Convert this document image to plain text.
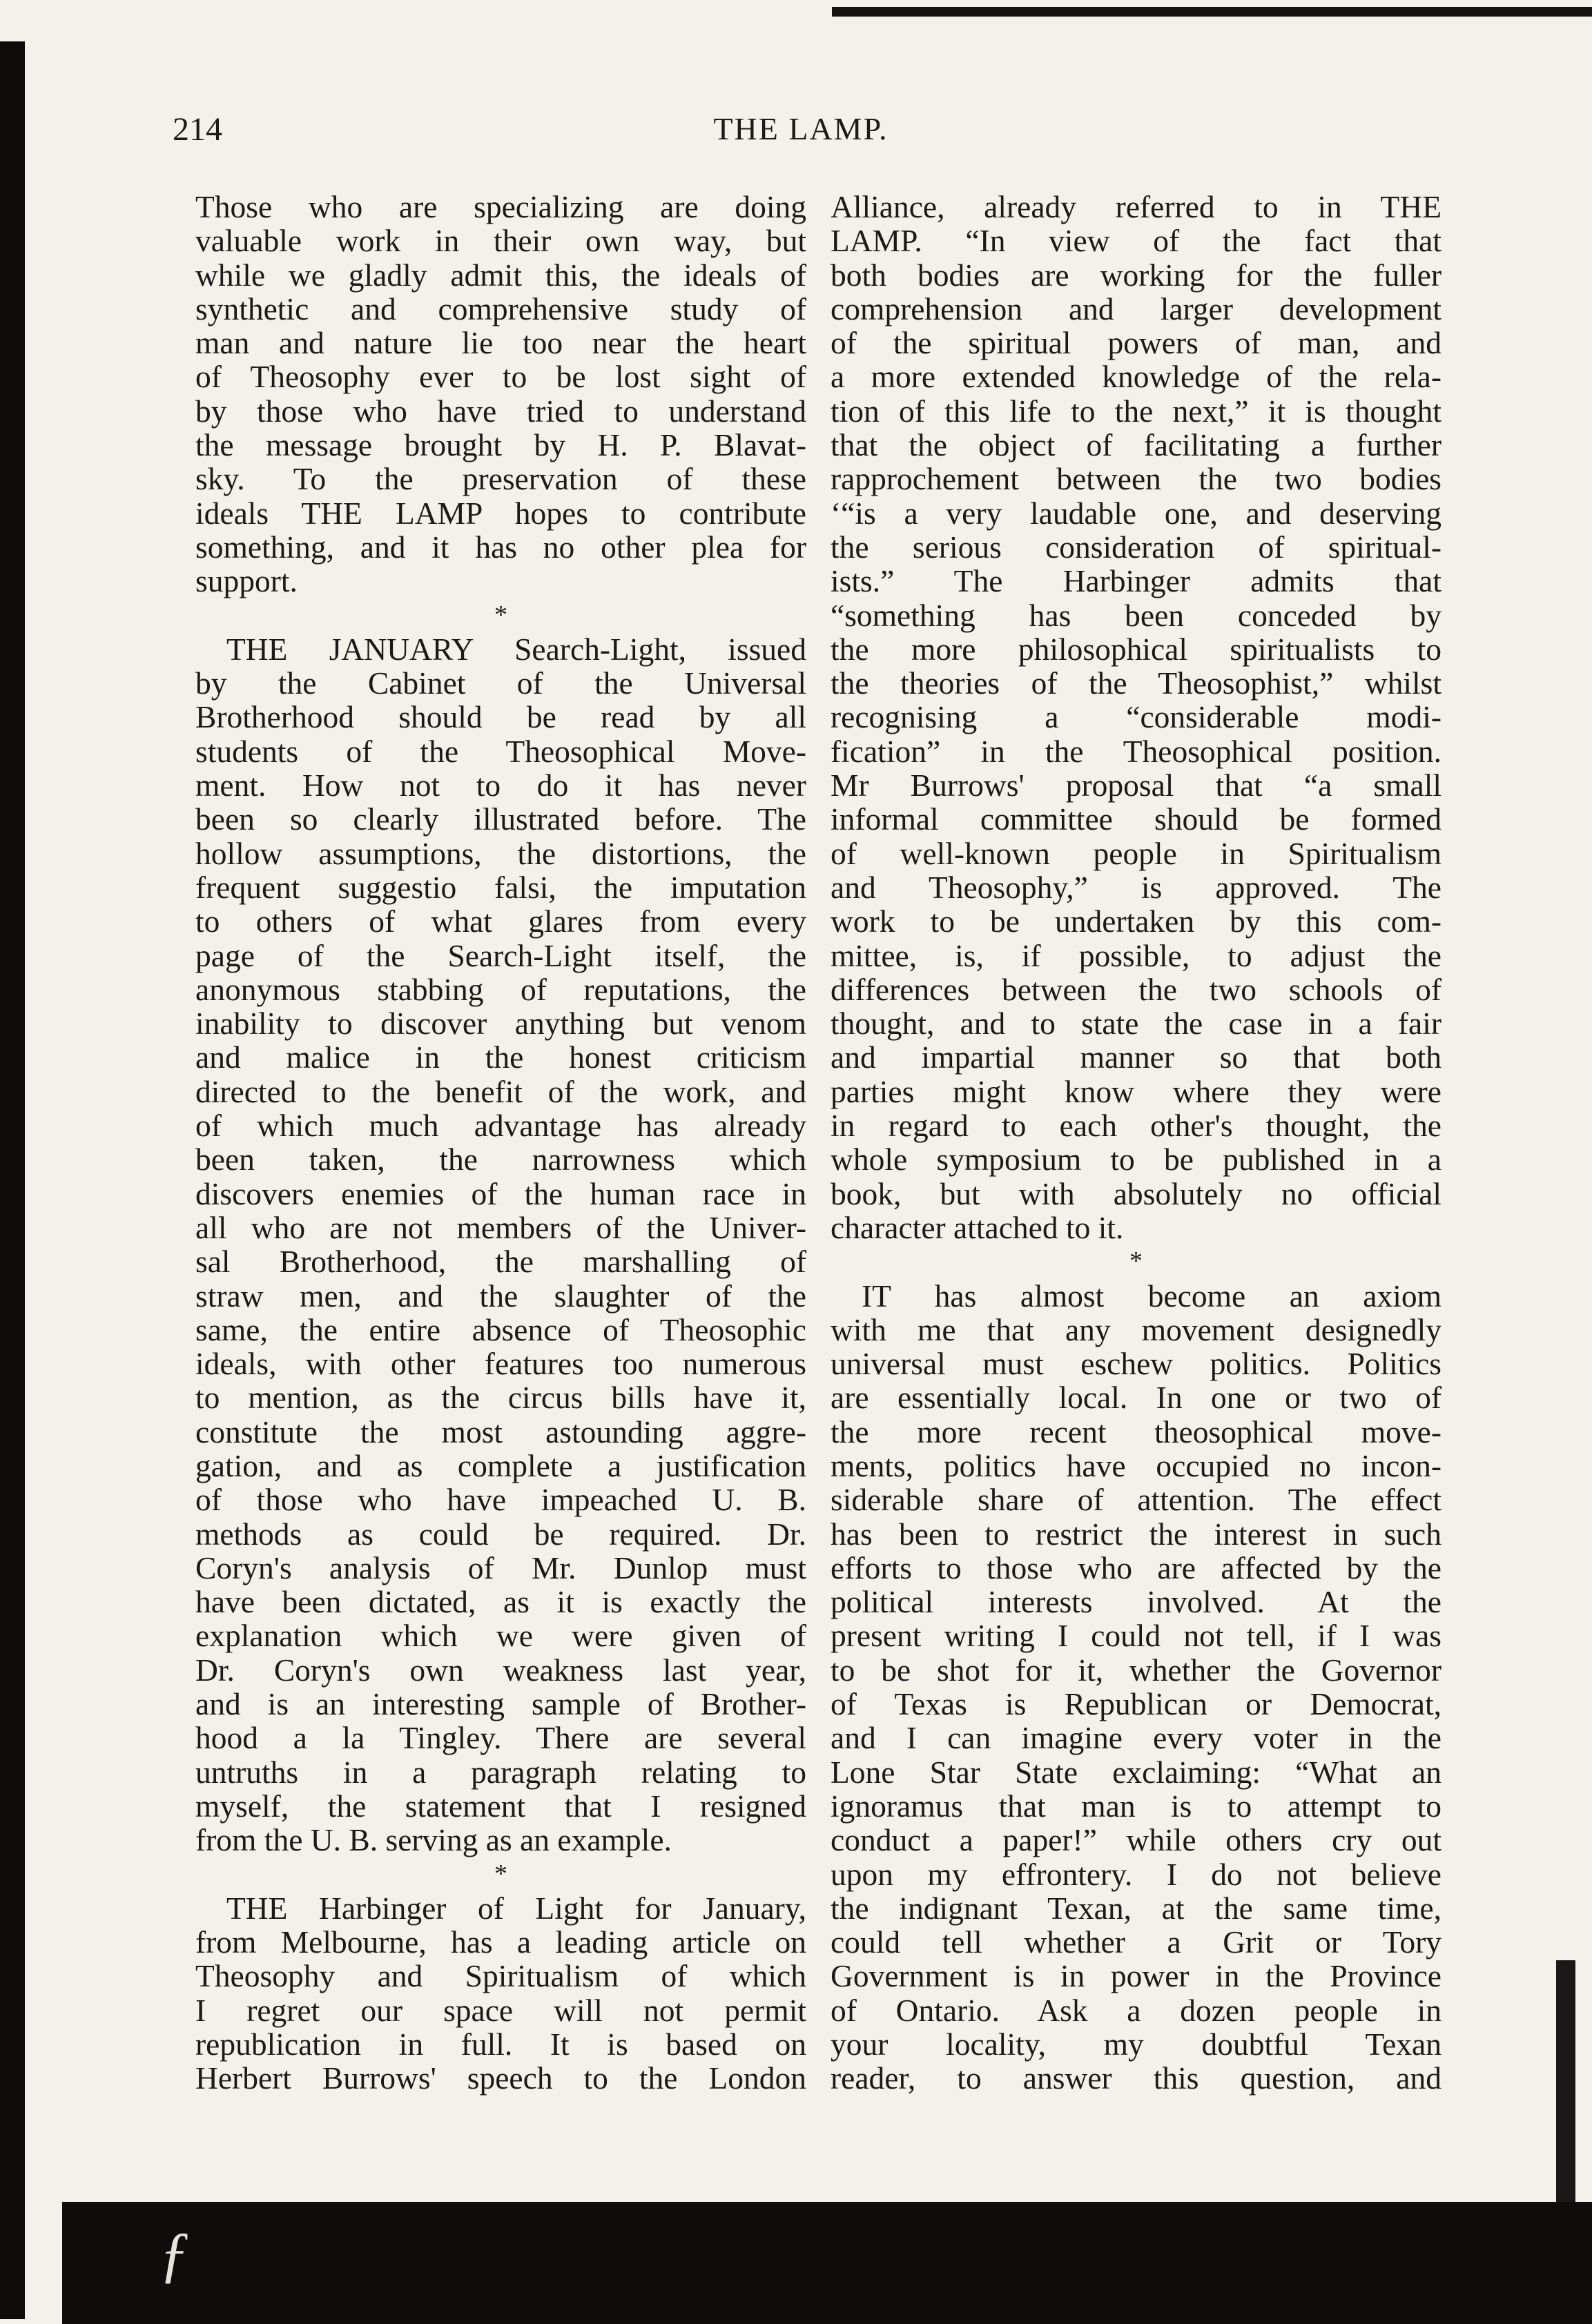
ƒ
214	THE LAMP.
Those who are specializing are doing
valuable work in their own way, but
while we gladly admit this, the ideals of
synthetic and comprehensive study of
man and nature lie too near the heart
of Theosophy ever to be lost sight of
by those who have tried to understand
the message brought by H. P. Blavat-
sky. To the preservation of these
ideals THE LAMP hopes to contribute
something, and it has no other plea for
support.
*
THE JANUARY Search-Light, issued
by the Cabinet of the Universal
Brotherhood should be read by all
students of the Theosophical Move-
ment. How not to do it has never
been so clearly illustrated before. The
hollow assumptions, the distortions, the
frequent suggestio falsi, the imputation
to others of what glares from every
page of the Search-Light itself, the
anonymous stabbing of reputations, the
inability to discover anything but venom
and malice in the honest criticism
directed to the benefit of the work, and
of which much advantage has already
been taken, the narrowness which
discovers enemies of the human race in
all who are not members of the Univer-
sal Brotherhood, the marshalling of
straw men, and the slaughter of the
same, the entire absence of Theosophic
ideals, with other features too numerous
to mention, as the circus bills have it,
constitute the most astounding aggre-
gation, and as complete a justification
of those who have impeached U. B.
methods as could be required. Dr.
Coryn's analysis of Mr. Dunlop must
have been dictated, as it is exactly the
explanation which we were given of
Dr. Coryn's own weakness last year,
and is an interesting sample of Brother-
hood a la Tingley. There are several
untruths in a paragraph relating to
myself, the statement that I resigned
from the U. B. serving as an example.
*
THE Harbinger of Light for January,
from Melbourne, has a leading article on
Theosophy and Spiritualism of which
I regret our space will not permit
republication in full. It is based on
Herbert Burrows' speech to the London
Alliance, already referred to in THE
LAMP. “In view of the fact that
both bodies are working for the fuller
comprehension and larger development
of the spiritual powers of man, and
a more extended knowledge of the rela-
tion of this life to the next,” it is thought
that the object of facilitating a further
rapprochement between the two bodies
‘“is a very laudable one, and deserving
the serious consideration of spiritual-
ists.” The Harbinger admits that
“something has been conceded by
the more philosophical spiritualists to
the theories of the Theosophist,” whilst
recognising a “considerable modi-
fication” in the Theosophical position.
Mr Burrows' proposal that “a small
informal committee should be formed
of well-known people in Spiritualism
and Theosophy,” is approved. The
work to be undertaken by this com-
mittee, is, if possible, to adjust the
differences between the two schools of
thought, and to state the case in a fair
and impartial manner so that both
parties might know where they were
in regard to each other's thought, the
whole symposium to be published in a
book, but with absolutely no official
character attached to it.
*
IT has almost become an axiom
with me that any movement designedly
universal must eschew politics. Politics
are essentially local. In one or two of
the more recent theosophical move-
ments, politics have occupied no incon-
siderable share of attention. The effect
has been to restrict the interest in such
efforts to those who are affected by the
political interests involved. At the
present writing I could not tell, if I was
to be shot for it, whether the Governor
of Texas is Republican or Democrat,
and I can imagine every voter in the
Lone Star State exclaiming: “What an
ignoramus that man is to attempt to
conduct a paper!” while others cry out
upon my effrontery. I do not believe
the indignant Texan, at the same time,
could tell whether a Grit or Tory
Government is in power in the Province
of Ontario. Ask a dozen people in
your locality, my doubtful Texan
reader, to answer this question, and
